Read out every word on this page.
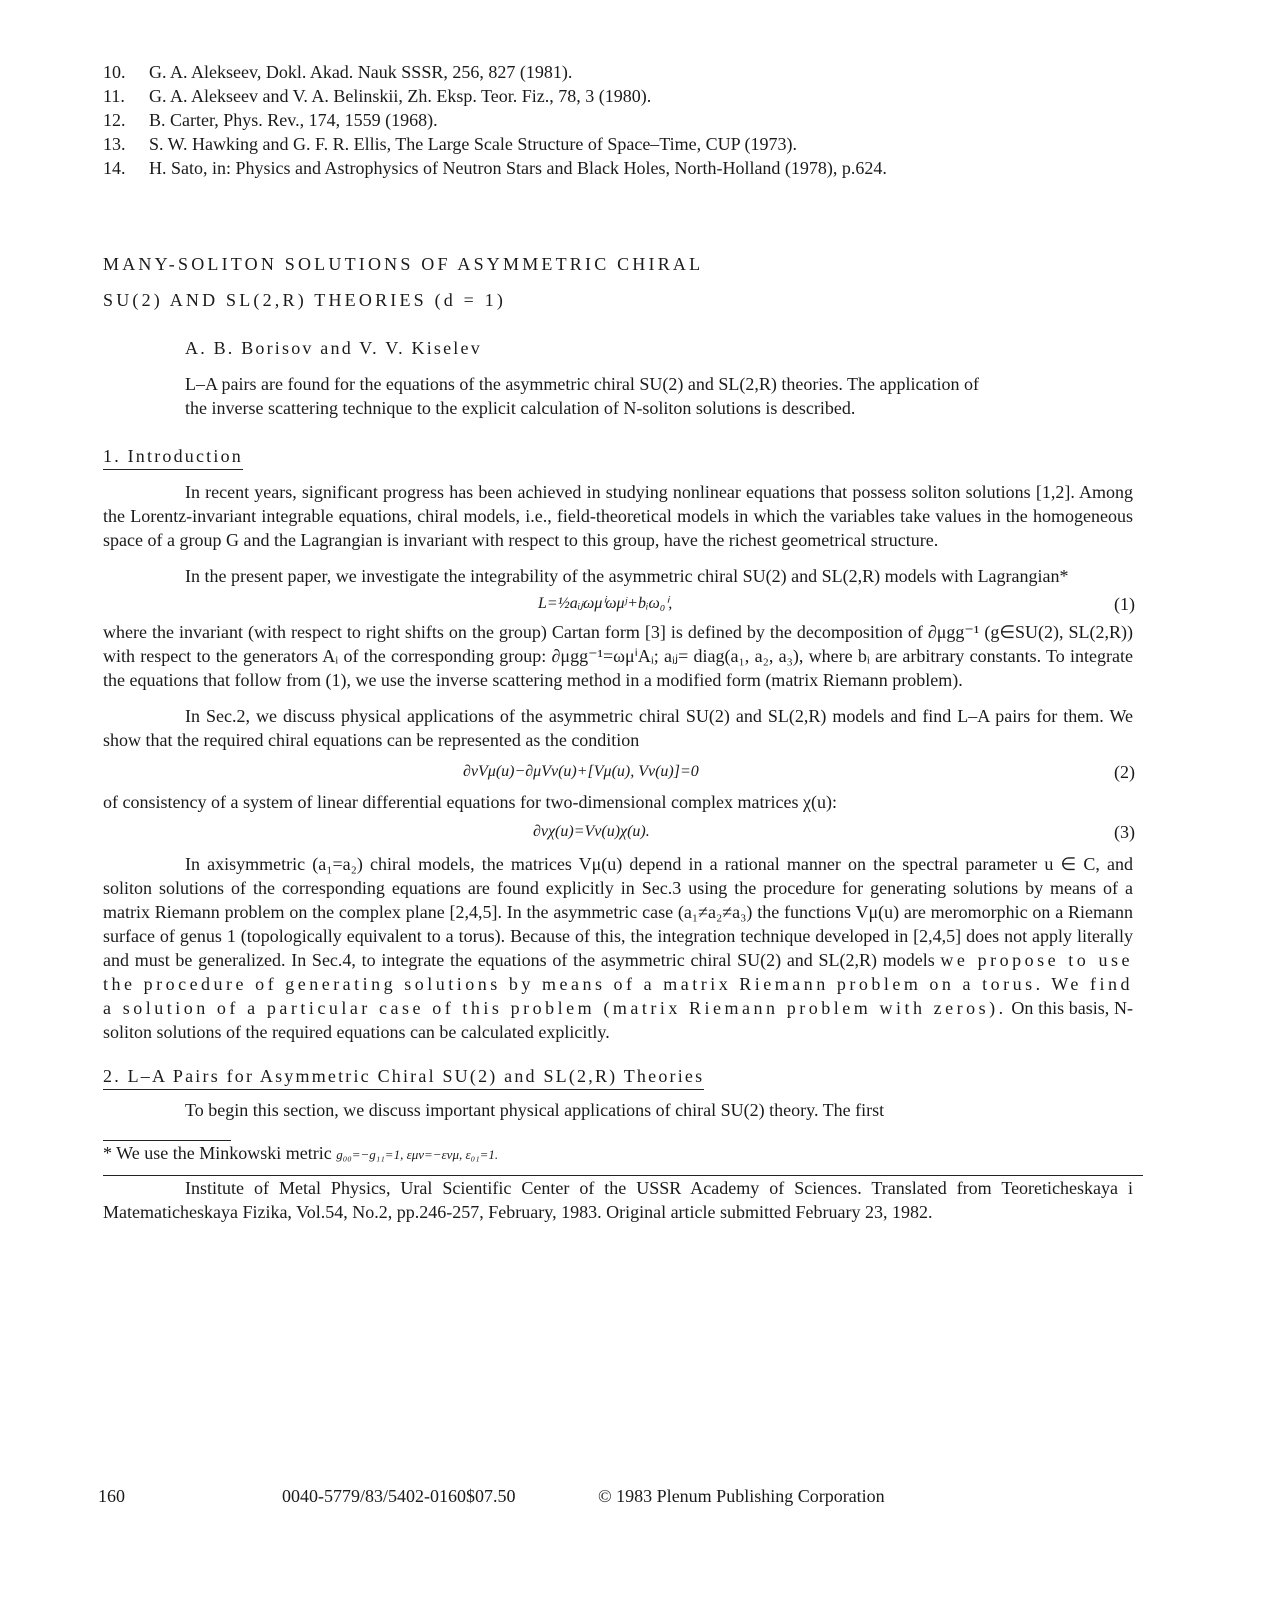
10.	G. A. Alekseev, Dokl. Akad. Nauk SSSR, 256, 827 (1981).
11.	G. A. Alekseev and V. A. Belinskii, Zh. Eksp. Teor. Fiz., 78, 3 (1980).
12.	B. Carter, Phys. Rev., 174, 1559 (1968).
13.	S. W. Hawking and G. F. R. Ellis, The Large Scale Structure of Space–Time, CUP (1973).
14.	H. Sato, in: Physics and Astrophysics of Neutron Stars and Black Holes, North-Holland (1978), p.624.
MANY-SOLITON SOLUTIONS OF ASYMMETRIC CHIRAL
SU(2) AND SL(2,R) THEORIES (d = 1)
A. B. Borisov and V. V. Kiselev
L–A pairs are found for the equations of the asymmetric chiral SU(2) and SL(2,R) theories. The application of the inverse scattering technique to the explicit calculation of N-soliton solutions is described.
1. Introduction

In recent years, significant progress has been achieved in studying nonlinear equations that possess soliton solutions [1,2]. Among the Lorentz-invariant integrable equations, chiral models, i.e., field-theoretical models in which the variables take values in the homogeneous space of a group G and the Lagrangian is invariant with respect to this group, have the richest geometrical structure.

In the present paper, we investigate the integrability of the asymmetric chiral SU(2) and SL(2,R) models with Lagrangian*

L=½aᵢⱼωμⁱωμʲ+bᵢω₀ⁱ,	(1)

where the invariant (with respect to right shifts on the group) Cartan form [3] is defined by the decomposition of ∂μgg⁻¹ (g∈SU(2), SL(2,R)) with respect to the generators Aᵢ of the corresponding group: ∂μgg⁻¹=ωμⁱAᵢ; aᵢⱼ= diag(a₁, a₂, a₃), where bᵢ are arbitrary constants. To integrate the equations that follow from (1), we use the inverse scattering method in a modified form (matrix Riemann problem).

In Sec.2, we discuss physical applications of the asymmetric chiral SU(2) and SL(2,R) models and find L–A pairs for them. We show that the required chiral equations can be represented as the condition

∂νVμ(u)−∂μVν(u)+[Vμ(u), Vν(u)]=0	(2)

of consistency of a system of linear differential equations for two-dimensional complex matrices χ(u):

∂νχ(u)=Vν(u)χ(u).	(3)

In axisymmetric (a₁=a₂) chiral models, the matrices Vμ(u) depend in a rational manner on the spectral parameter u ∈ C, and soliton solutions of the corresponding equations are found explicitly in Sec.3 using the procedure for generating solutions by means of a matrix Riemann problem on the complex plane [2,4,5]. In the asymmetric case (a₁≠a₂≠a₃) the functions Vμ(u) are meromorphic on a Riemann surface of genus 1 (topologically equivalent to a torus). Because of this, the integration technique developed in [2,4,5] does not apply literally and must be generalized. In Sec.4, to integrate the equations of the asymmetric chiral SU(2) and SL(2,R) models we propose to use the procedure of generating solutions by means of a matrix Riemann problem on a torus. We find a solution of a particular case of this problem (matrix Riemann problem with zeros). On this basis, N-soliton solutions of the required equations can be calculated explicitly.

2. L–A Pairs for Asymmetric Chiral SU(2) and SL(2,R) Theories

To begin this section, we discuss important physical applications of chiral SU(2) theory. The first

* We use the Minkowski metric g₀₀=−g₁₁=1, εμν=−ενμ, ε₀₁=1.

Institute of Metal Physics, Ural Scientific Center of the USSR Academy of Sciences. Translated from Teoreticheskaya i Matematicheskaya Fizika, Vol.54, No.2, pp.246-257, February, 1983. Original article submitted February 23, 1982.

160	0040-5779/83/5402-0160$07.50	© 1983 Plenum Publishing Corporation
